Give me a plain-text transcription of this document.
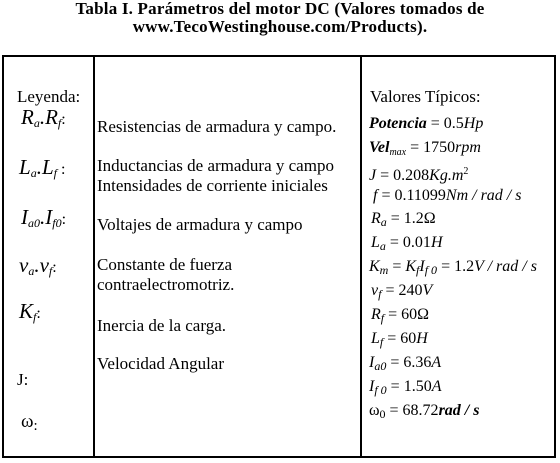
Tabla I. Parámetros del motor DC (Valores tomados de
www.TecoWestinghouse.com/Products).
Leyenda:
$R_a.R_f$:
$L_a.L_f$ :
$I_{a0}.I_{f0}$:
$v_a.v_f$:
$K_f$:
J:
ω:
Resistencias de armadura y campo.
Inductancias de armadura y campo
Intensidades de corriente iniciales
Voltajes de armadura y campo
Constante de fuerza
contraelectromotriz.
Inercia de la carga.
Velocidad Angular
Valores Típicos:
Potencia = 0.5Hp
Vel$_{max}$ = 1750rpm
$J = 0.208Kg.m^2$
f = 0.11099Nm / rad / s
$R_a = 1.2\Omega$
$L_a = 0.01H$
$K_m = K_fI_{f 0} = 1.2V$ / rad / s
$v_f = 240V$
$R_f = 60\Omega$
$L_f = 60H$
$I_{a0} = 6.36A$
$I_{f 0} = 1.50A$
$\omega_0 = 68.72rad / s$
